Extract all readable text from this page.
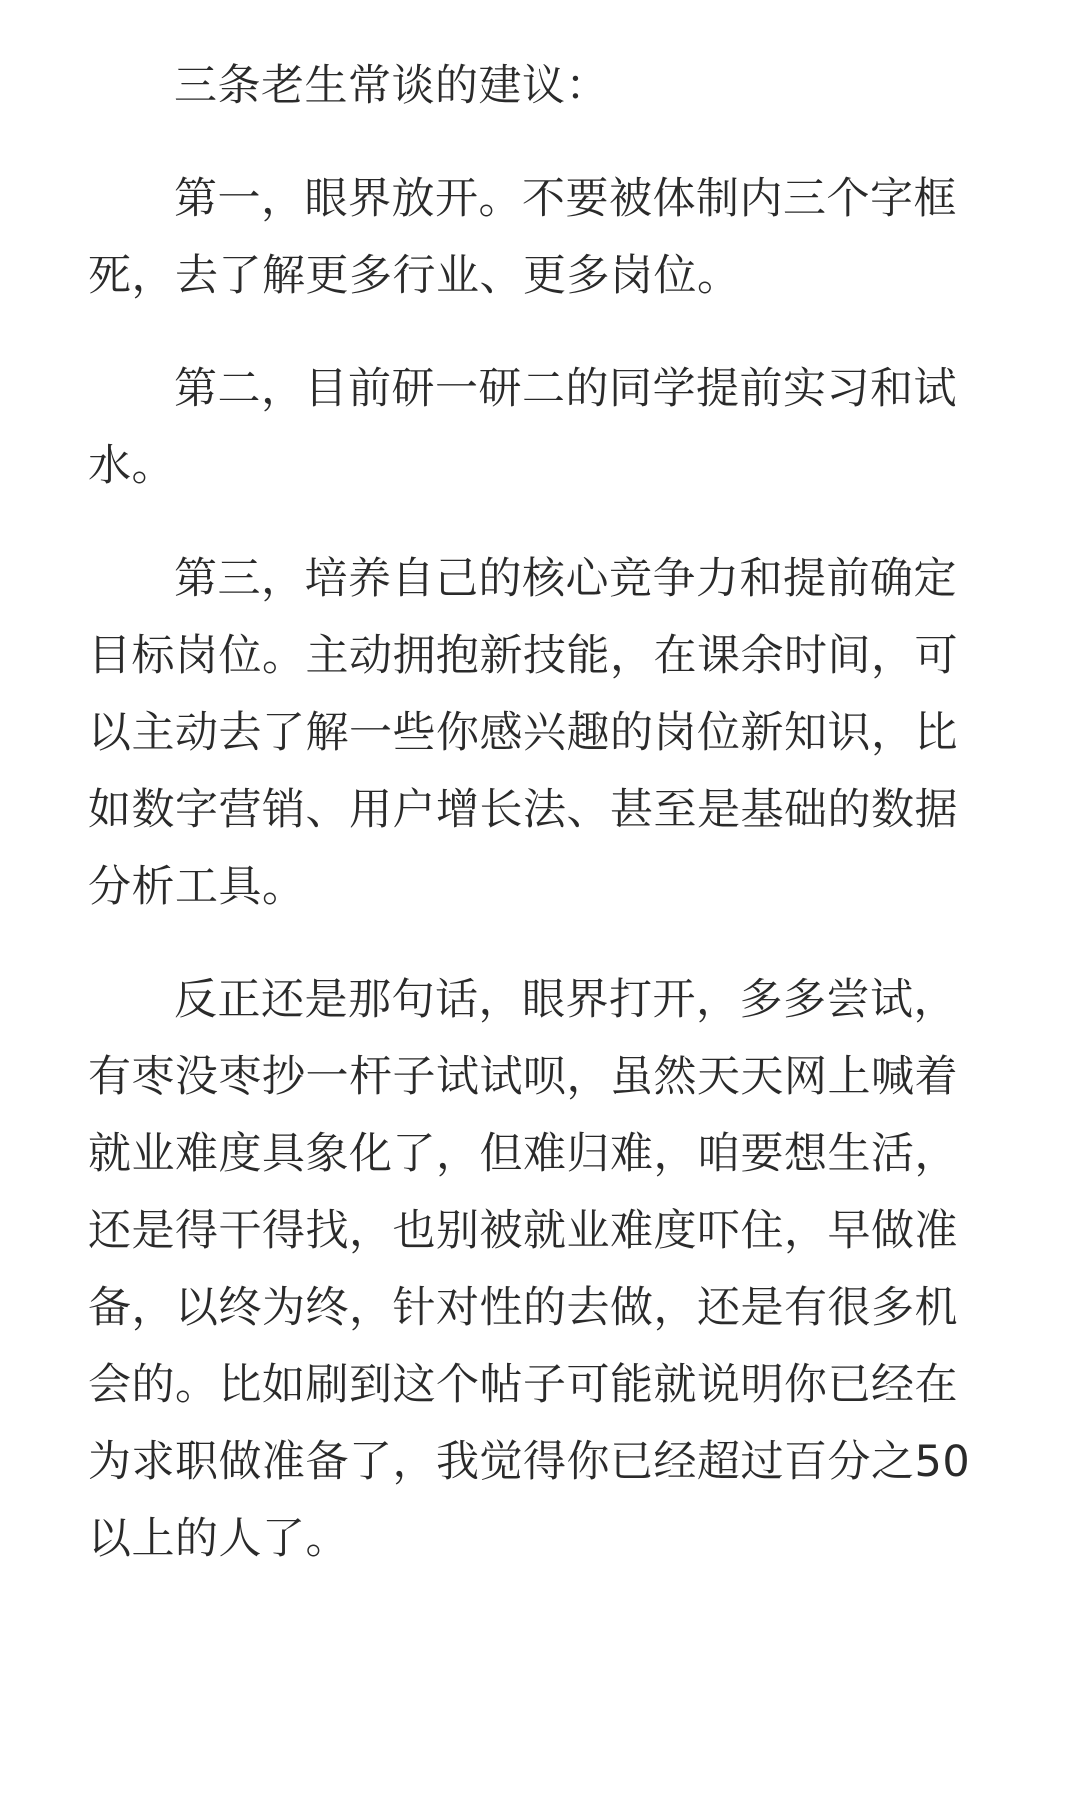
三条老生常谈的建议：

第一，眼界放开。不要被体制内三个字框死，去了解更多行业、更多岗位。

第二，目前研一研二的同学提前实习和试水。

第三，培养自己的核心竞争力和提前确定目标岗位。主动拥抱新技能，在课余时间，可以主动去了解一些你感兴趣的岗位新知识，比如数字营销、用户增长法、甚至是基础的数据分析工具。

反正还是那句话，眼界打开，多多尝试，有枣没枣抄一杆子试试呗，虽然天天网上喊着就业难度具象化了，但难归难，咱要想生活，还是得干得找，也别被就业难度吓住，早做准备，以终为终，针对性的去做，还是有很多机会的。比如刷到这个帖子可能就说明你已经在为求职做准备了，我觉得你已经超过百分之50以上的人了。
